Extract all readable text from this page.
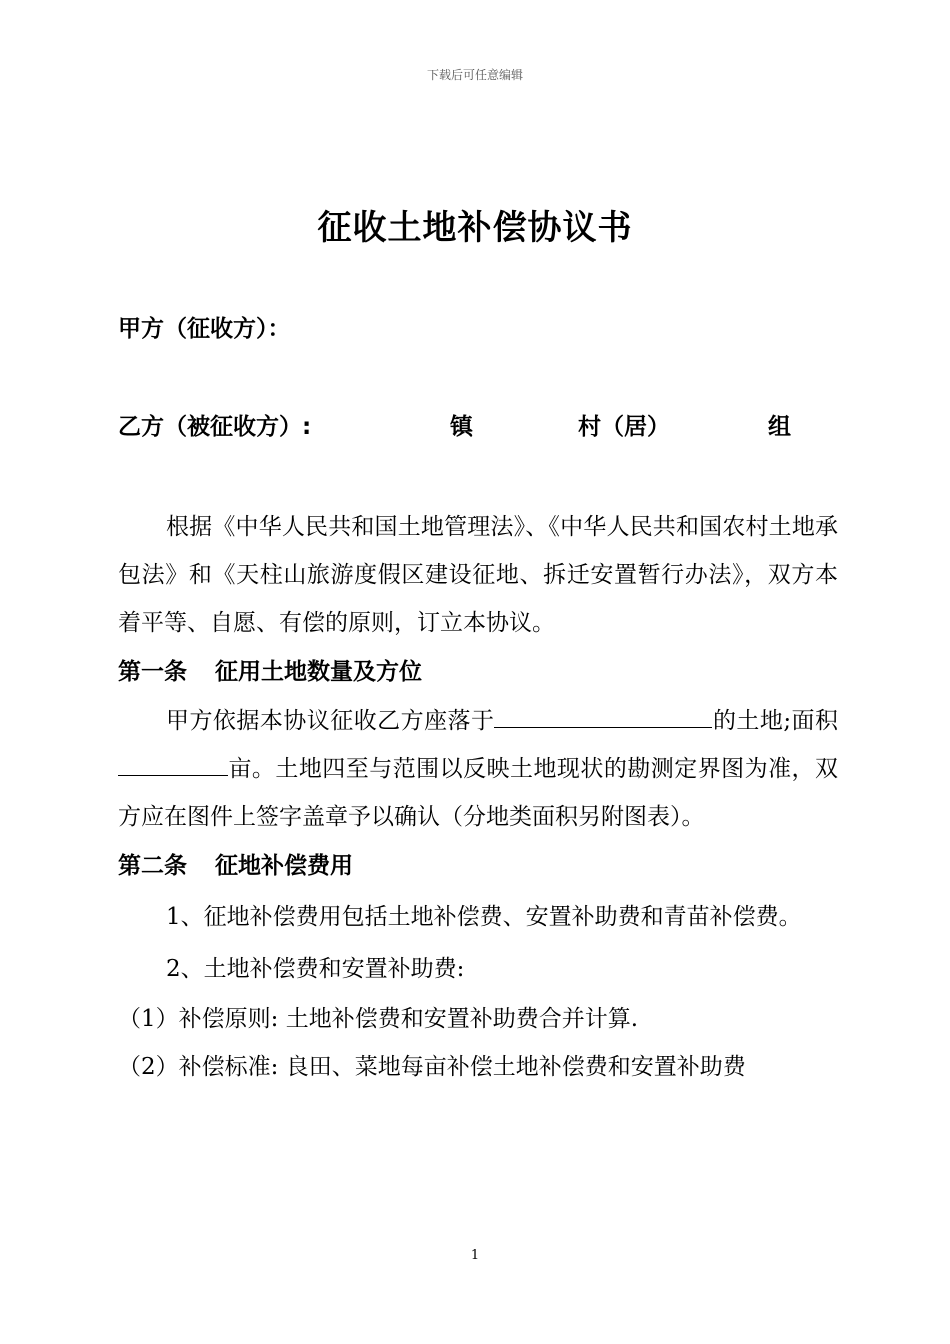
下载后可任意编辑
征收土地补偿协议书
甲方（征收方）：
乙方（被征收方）:	镇	村（居）	组

根据《中华人民共和国土地管理法》、《中华人民共和国农村土地承包法》和《天柱山旅游度假区建设征地、拆迁安置暂行办法》，双方本着平等、自愿、有偿的原则，订立本协议。

第一条 征用土地数量及方位

甲方依据本协议征收乙方座落于	的土地;面积亩。土地四至与范围以反映土地现状的勘测定界图为准，双方应在图件上签字盖章予以确认（分地类面积另附图表）。

第二条 征地补偿费用

1、征地补偿费用包括土地补偿费、安置补助费和青苗补偿费。

2、土地补偿费和安置补助费:

（1）补偿原则: 土地补偿费和安置补助费合并计算.

（2）补偿标准: 良田、菜地每亩补偿土地补偿费和安置补助费

1
